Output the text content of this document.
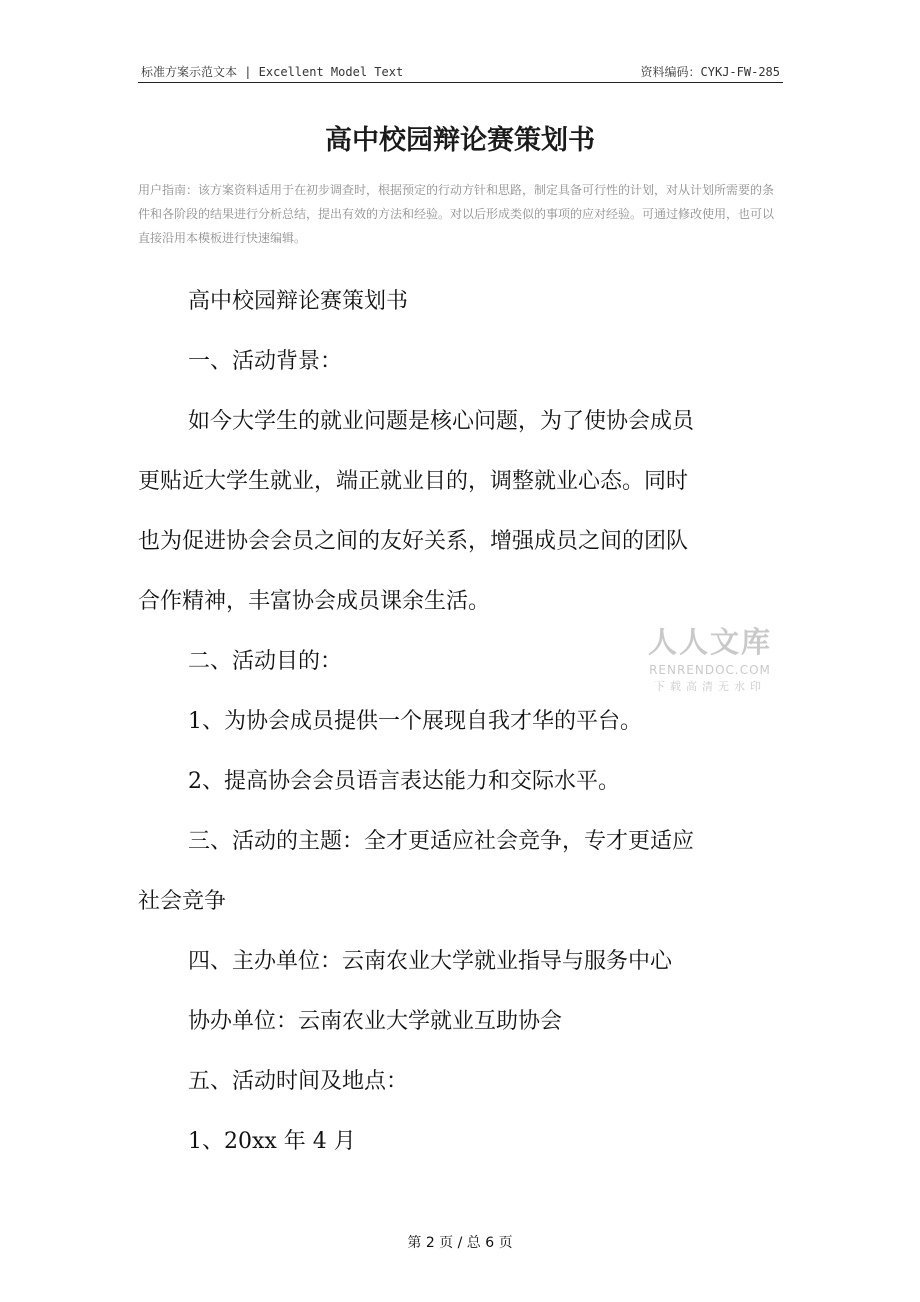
标准方案示范文本 | Excellent Model Text	资料编码：CYKJ-FW-285
高中校园辩论赛策划书
用户指南：该方案资料适用于在初步调查时，根据预定的行动方针和思路，制定具备可行性的计划，对从计划所需要的条件和各阶段的结果进行分析总结，提出有效的方法和经验。对以后形成类似的事项的应对经验。可通过修改使用，也可以直接沿用本模板进行快速编辑。
高中校园辩论赛策划书
一、活动背景：
如今大学生的就业问题是核心问题，为了使协会成员
更贴近大学生就业，端正就业目的，调整就业心态。同时
也为促进协会会员之间的友好关系，增强成员之间的团队
合作精神，丰富协会成员课余生活。
二、活动目的：
1、为协会成员提供一个展现自我才华的平台。
2、提高协会会员语言表达能力和交际水平。
三、活动的主题：全才更适应社会竞争，专才更适应
社会竞争
四、主办单位：云南农业大学就业指导与服务中心
协办单位：云南农业大学就业互助协会
五、活动时间及地点：
1、20xx 年 4 月
人人文库
RENRENDOC.COM
下载高清无水印
第 2 页 / 总 6 页
